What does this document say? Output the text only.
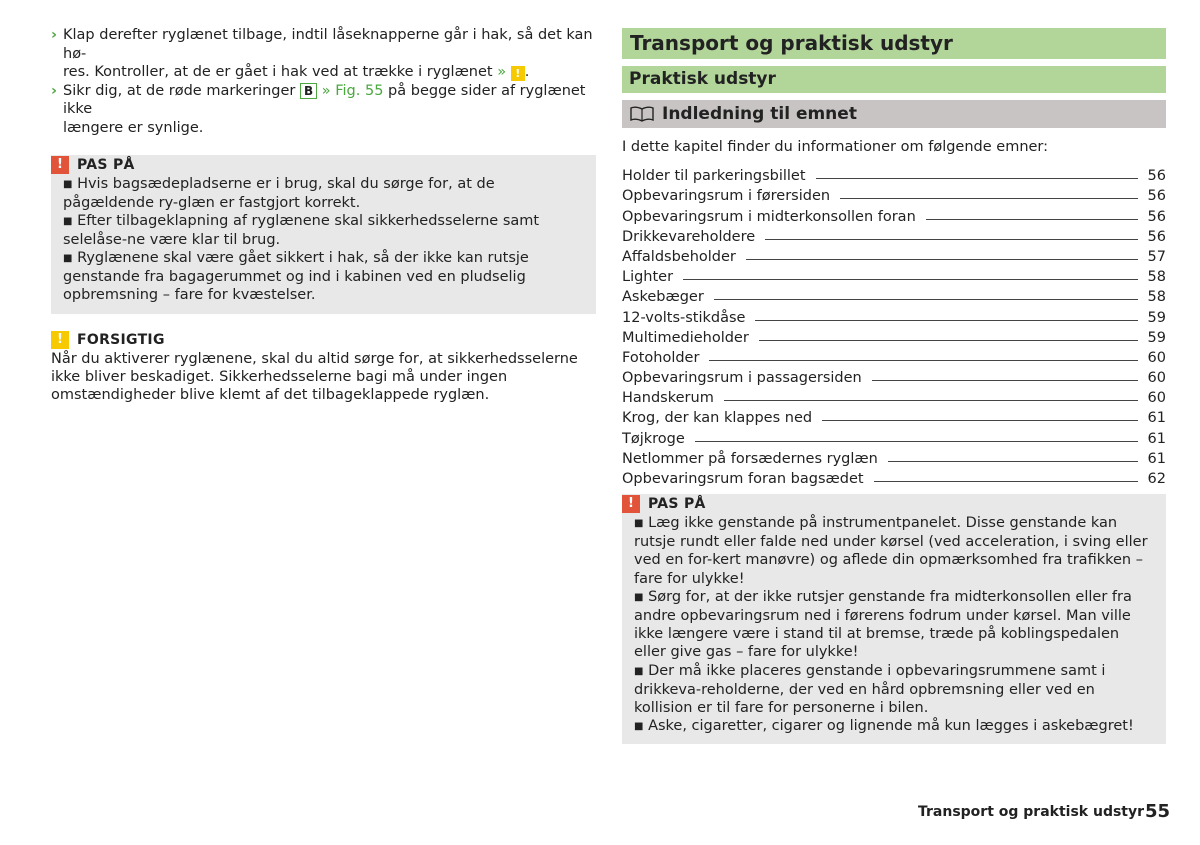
› Klap derefter ryglænet tilbage, indtil låseknapperne går i hak, så det kan hø-
res. Kontroller, at de er gået i hak ved at trække i ryglænet » ! .
› Sikr dig, at de røde markeringer B » Fig. 55 på begge sider af ryglænet ikke
længere er synlige.
!	PAS PÅ

■ Hvis bagsædepladserne er i brug, skal du sørge for, at de pågældende ry-glæn er fastgjort korrekt.

■ Efter tilbageklapning af ryglænene skal sikkerhedsselerne samt selelåse-ne være klar til brug.

■ Ryglænene skal være gået sikkert i hak, så der ikke kan rutsje genstande fra bagagerummet og ind i kabinen ved en pludselig opbremsning – fare for kvæstelser.

!	FORSIGTIG

Når du aktiverer ryglænene, skal du altid sørge for, at sikkerhedsselerne ikke bliver beskadiget. Sikkerhedsselerne bagi må under ingen omstændigheder blive klemt af det tilbageklappede ryglæn.

Transport og praktisk udstyr
Praktisk udstyr
Indledning til emnet
I dette kapitel finder du informationer om følgende emner:
Holder til parkeringsbillet	56
Opbevaringsrum i førersiden	56
Opbevaringsrum i midterkonsollen foran	56
Drikkevareholdere	56
Affaldsbeholder	57
Lighter	58
Askebæger	58
12-volts-stikdåse	59
Multimedieholder	59
Fotoholder	60
Opbevaringsrum i passagersiden	60
Handskerum	60
Krog, der kan klappes ned	61
Tøjkroge	61
Netlommer på forsædernes ryglæn	61
Opbevaringsrum foran bagsædet	62
!	PAS PÅ

■ Læg ikke genstande på instrumentpanelet. Disse genstande kan rutsje rundt eller falde ned under kørsel (ved acceleration, i sving eller ved en for-kert manøvre) og aflede din opmærksomhed fra trafikken – fare for ulykke!

■ Sørg for, at der ikke rutsjer genstande fra midterkonsollen eller fra andre opbevaringsrum ned i førerens fodrum under kørsel. Man ville ikke længere være i stand til at bremse, træde på koblingspedalen eller give gas – fare for ulykke!

■ Der må ikke placeres genstande i opbevaringsrummene samt i drikkeva-reholderne, der ved en hård opbremsning eller ved en kollision er til fare for personerne i bilen.

■ Aske, cigaretter, cigarer og lignende må kun lægges i askebægret!

Transport og praktisk udstyr 55
